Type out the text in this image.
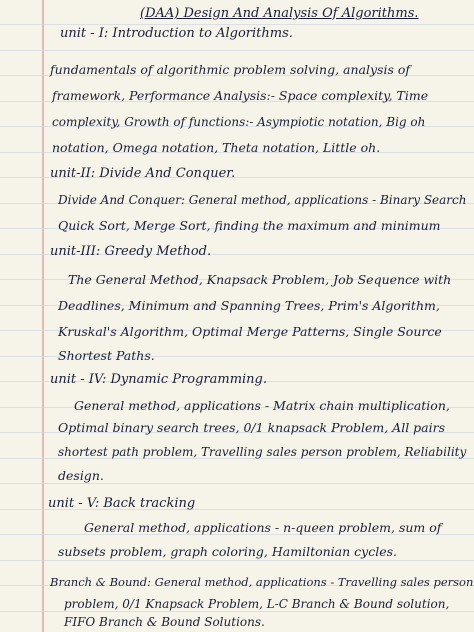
(DAA) Design And Analysis Of Algorithms.
unit - I: Introduction to Algorithms.
fundamentals of algorithmic problem solving, analysis of
framework, Performance Analysis:- Space complexity, Time
complexity, Growth of functions:- Asympiotic notation, Big oh
notation, Omega notation, Theta notation, Little oh.
unit-II: Divide And Conquer.
Divide And Conquer: General method, applications - Binary Search
Quick Sort, Merge Sort, finding the maximum and minimum
unit-III: Greedy Method.
The General Method, Knapsack Problem, Job Sequence with
Deadlines, Minimum and Spanning Trees, Prim's Algorithm,
Kruskal's Algorithm, Optimal Merge Patterns, Single Source
Shortest Paths.
unit - IV: Dynamic Programming.
General method, applications - Matrix chain multiplication,
Optimal binary search trees, 0/1 knapsack Problem, All pairs
shortest path problem, Travelling sales person problem, Reliability
design.
unit - V: Back tracking
General method, applications - n-queen problem, sum of
subsets problem, graph coloring, Hamiltonian cycles.
Branch & Bound: General method, applications - Travelling sales person
problem, 0/1 Knapsack Problem, L-C Branch & Bound solution,
FIFO Branch & Bound Solutions.
